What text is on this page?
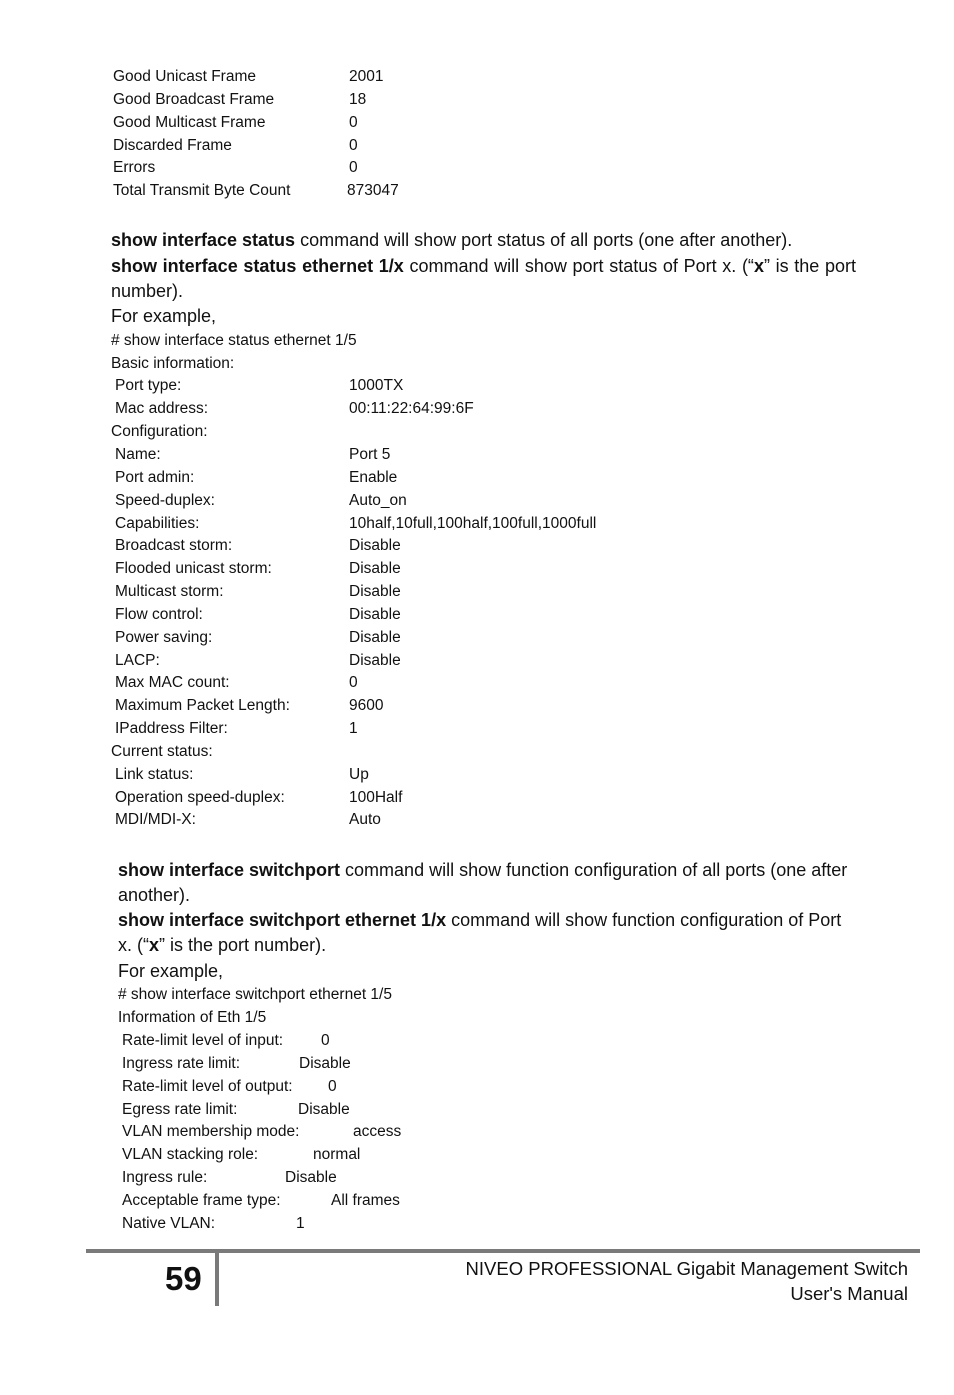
Good Unicast Frame	2001
Good Broadcast Frame	18
Good Multicast Frame	0
Discarded Frame	0
Errors	0
Total Transmit Byte Count	873047
show interface status command will show port status of all ports (one after another).
show interface status ethernet 1/x command will show port status of Port x. (“x” is the port number).
For example,
# show interface status ethernet 1/5
Basic information:
Port type:	1000TX
Mac address:	00:11:22:64:99:6F
Configuration:
Name:	Port 5
Port admin:	Enable
Speed-duplex:	Auto_on
Capabilities:	10half,10full,100half,100full,1000full
Broadcast storm:	Disable
Flooded unicast storm:	Disable
Multicast storm:	Disable
Flow control:	Disable
Power saving:	Disable
LACP:	Disable
Max MAC count:	0
Maximum Packet Length:	9600
IPaddress Filter:	1
Current status:
Link status:	Up
Operation speed-duplex:	100Half
MDI/MDI-X:	Auto
show interface switchport command will show function configuration of all ports (one after another).
show interface switchport ethernet 1/x command will show function configuration of Port x. (“x” is the port number).
For example,
# show interface switchport ethernet 1/5
Information of Eth 1/5
Rate-limit level of input: 0
Ingress rate limit:	Disable
Rate-limit level of output: 0
Egress rate limit:	Disable
VLAN membership mode:	access
VLAN stacking role:	normal
Ingress rule:	Disable
Acceptable frame type:	All frames
Native VLAN:	1
59	NIVEO PROFESSIONAL Gigabit Management Switch
User's Manual
